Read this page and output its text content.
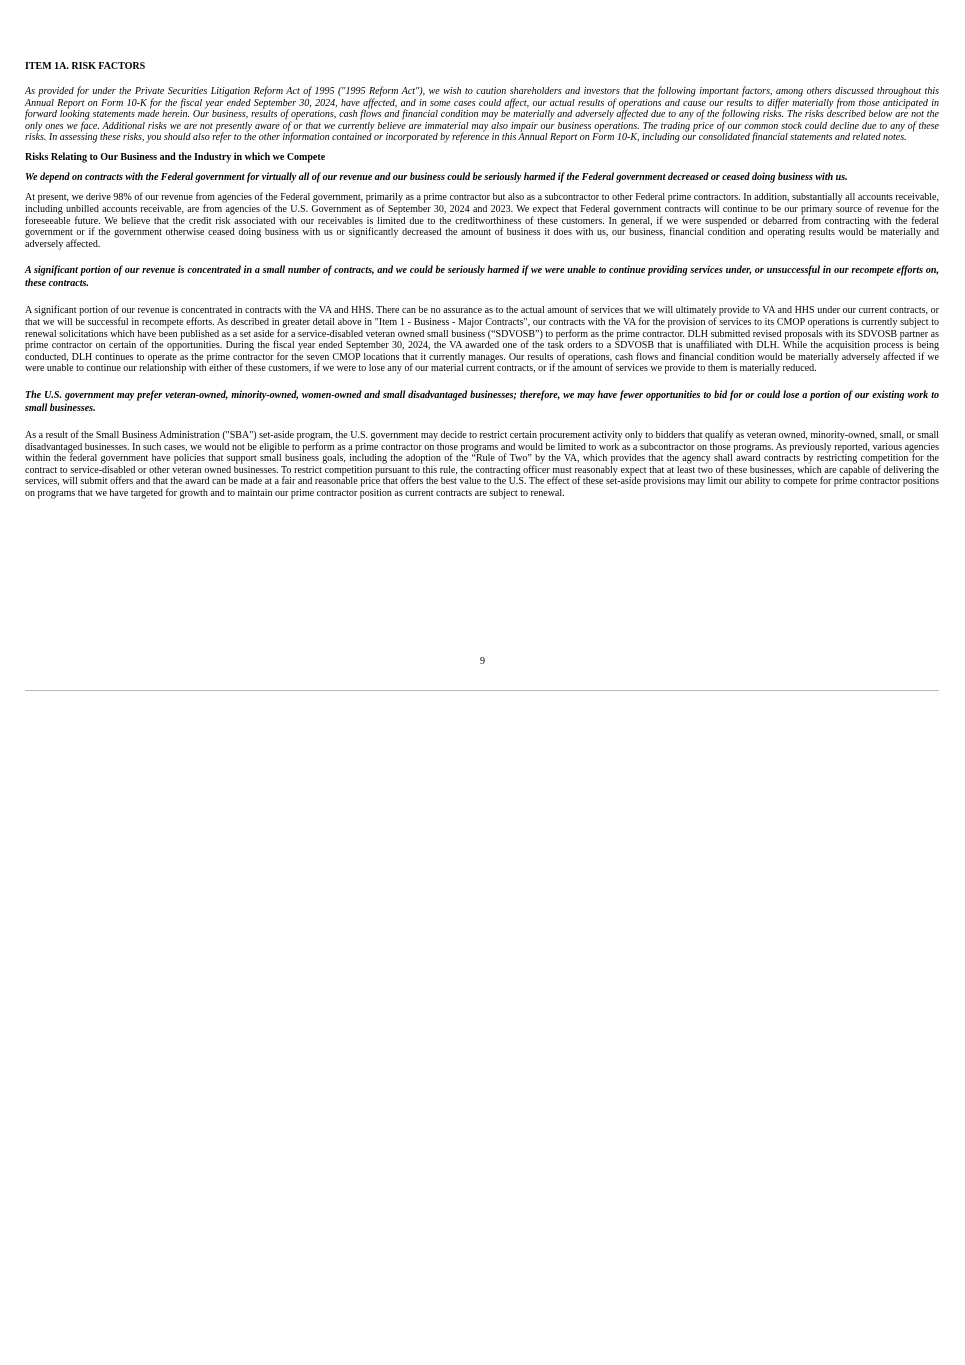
ITEM 1A. RISK FACTORS

As provided for under the Private Securities Litigation Reform Act of 1995 ("1995 Reform Act"), we wish to caution shareholders and investors that the following important factors, among others discussed throughout this Annual Report on Form 10-K for the fiscal year ended September 30, 2024, have affected, and in some cases could affect, our actual results of operations and cause our results to differ materially from those anticipated in forward looking statements made herein. Our business, results of operations, cash flows and financial condition may be materially and adversely affected due to any of the following risks. The risks described below are not the only ones we face. Additional risks we are not presently aware of or that we currently believe are immaterial may also impair our business operations. The trading price of our common stock could decline due to any of these risks. In assessing these risks, you should also refer to the other information contained or incorporated by reference in this Annual Report on Form 10-K, including our consolidated financial statements and related notes.

Risks Relating to Our Business and the Industry in which we Compete

We depend on contracts with the Federal government for virtually all of our revenue and our business could be seriously harmed if the Federal government decreased or ceased doing business with us.

At present, we derive 98% of our revenue from agencies of the Federal government, primarily as a prime contractor but also as a subcontractor to other Federal prime contractors. In addition, substantially all accounts receivable, including unbilled accounts receivable, are from agencies of the U.S. Government as of September 30, 2024 and 2023. We expect that Federal government contracts will continue to be our primary source of revenue for the foreseeable future. We believe that the credit risk associated with our receivables is limited due to the creditworthiness of these customers. In general, if we were suspended or debarred from contracting with the federal government or if the government otherwise ceased doing business with us or significantly decreased the amount of business it does with us, our business, financial condition and operating results would be materially and adversely affected.

A significant portion of our revenue is concentrated in a small number of contracts, and we could be seriously harmed if we were unable to continue providing services under, or unsuccessful in our recompete efforts on, these contracts.

A significant portion of our revenue is concentrated in contracts with the VA and HHS. There can be no assurance as to the actual amount of services that we will ultimately provide to VA and HHS under our current contracts, or that we will be successful in recompete efforts. As described in greater detail above in "Item 1 - Business - Major Contracts", our contracts with the VA for the provision of services to its CMOP operations is currently subject to renewal solicitations which have been published as a set aside for a service-disabled veteran owned small business (“SDVOSB”) to perform as the prime contractor. DLH submitted revised proposals with its SDVOSB partner as prime contractor on certain of the opportunities. During the fiscal year ended September 30, 2024, the VA awarded one of the task orders to a SDVOSB that is unaffiliated with DLH. While the acquisition process is being conducted, DLH continues to operate as the prime contractor for the seven CMOP locations that it currently manages. Our results of operations, cash flows and financial condition would be materially adversely affected if we were unable to continue our relationship with either of these customers, if we were to lose any of our material current contracts, or if the amount of services we provide to them is materially reduced.

The U.S. government may prefer veteran-owned, minority-owned, women-owned and small disadvantaged businesses; therefore, we may have fewer opportunities to bid for or could lose a portion of our existing work to small businesses.

As a result of the Small Business Administration ("SBA") set-aside program, the U.S. government may decide to restrict certain procurement activity only to bidders that qualify as veteran owned, minority-owned, small, or small disadvantaged businesses. In such cases, we would not be eligible to perform as a prime contractor on those programs and would be limited to work as a subcontractor on those programs. As previously reported, various agencies within the federal government have policies that support small business goals, including the adoption of the “Rule of Two” by the VA, which provides that the agency shall award contracts by restricting competition for the contract to service-disabled or other veteran owned businesses. To restrict competition pursuant to this rule, the contracting officer must reasonably expect that at least two of these businesses, which are capable of delivering the services, will submit offers and that the award can be made at a fair and reasonable price that offers the best value to the U.S. The effect of these set-aside provisions may limit our ability to compete for prime contractor positions on programs that we have targeted for growth and to maintain our prime contractor position as current contracts are subject to renewal.

9
